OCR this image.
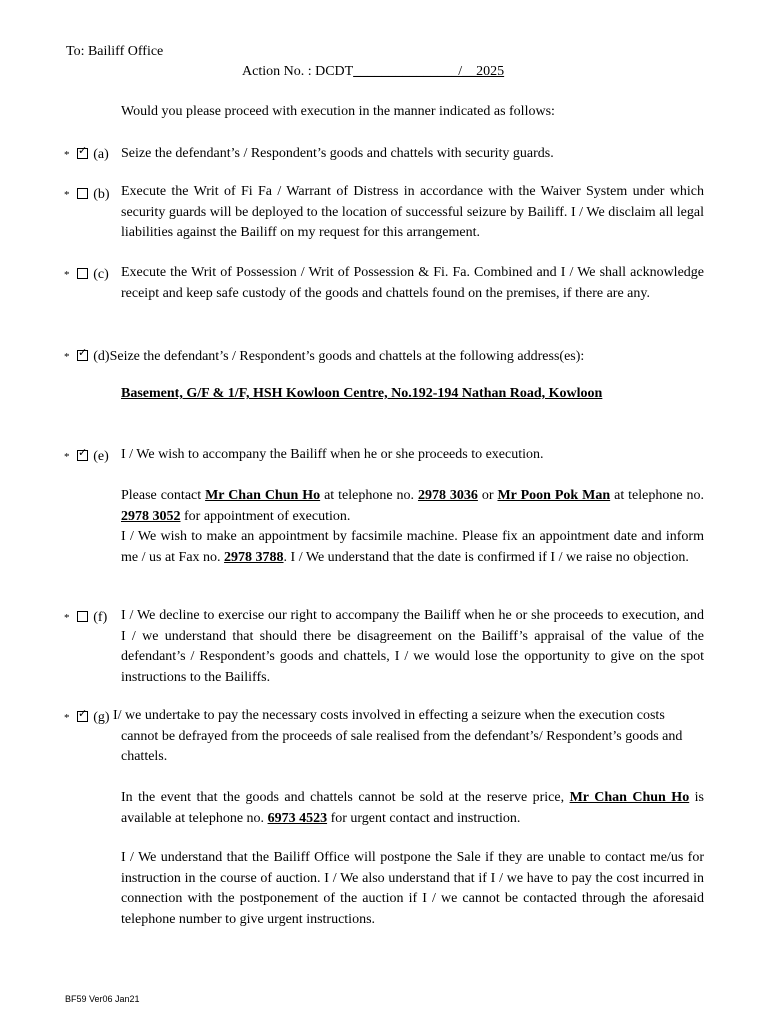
To: Bailiff Office
Action No. : DCDT_______________/__2025
Would you please proceed with execution in the manner indicated as follows:
* ✓ (a) Seize the defendant’s / Respondent’s goods and chattels with security guards.
* (b) Execute the Writ of Fi Fa / Warrant of Distress in accordance with the Waiver System under which security guards will be deployed to the location of successful seizure by Bailiff. I / We disclaim all legal liabilities against the Bailiff on my request for this arrangement.
* (c) Execute the Writ of Possession / Writ of Possession & Fi. Fa. Combined and I / We shall acknowledge receipt and keep safe custody of the goods and chattels found on the premises, if there are any.
* ✓ (d)Seize the defendant’s / Respondent’s goods and chattels at the following address(es):
Basement, G/F & 1/F, HSH Kowloon Centre, No.192-194 Nathan Road, Kowloon
* ✓ (e) I / We wish to accompany the Bailiff when he or she proceeds to execution.
Please contact Mr Chan Chun Ho at telephone no. 2978 3036 or Mr Poon Pok Man at telephone no. 2978 3052 for appointment of execution.
I / We wish to make an appointment by facsimile machine. Please fix an appointment date and inform me / us at Fax no. 2978 3788. I / We understand that the date is confirmed if I / we raise no objection.
* (f) I / We decline to exercise our right to accompany the Bailiff when he or she proceeds to execution, and I / we understand that should there be disagreement on the Bailiff’s appraisal of the value of the defendant’s / Respondent’s goods and chattels, I / we would lose the opportunity to give on the spot instructions to the Bailiffs.
* ✓ (g) I/ we undertake to pay the necessary costs involved in effecting a seizure when the execution costs cannot be defrayed from the proceeds of sale realised from the defendant’s/ Respondent’s goods and chattels.
In the event that the goods and chattels cannot be sold at the reserve price, Mr Chan Chun Ho is available at telephone no. 6973 4523 for urgent contact and instruction.
I / We understand that the Bailiff Office will postpone the Sale if they are unable to contact me/us for instruction in the course of auction. I / We also understand that if I / we have to pay the cost incurred in connection with the postponement of the auction if I / we cannot be contacted through the aforesaid telephone number to give urgent instructions.
BF59 Ver06 Jan21
